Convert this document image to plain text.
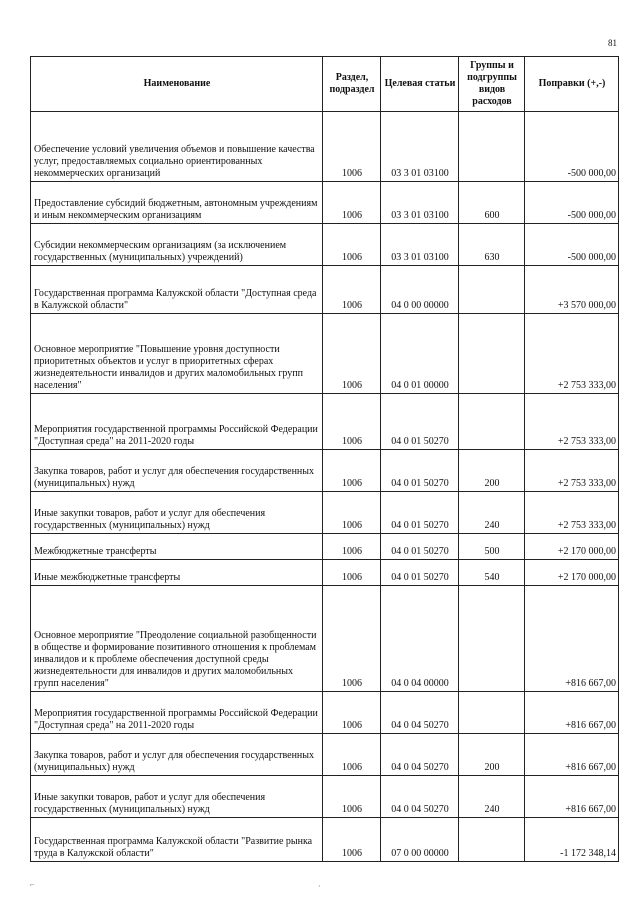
81
Наименование	Раздел, подраздел	Целевая статьи	Группы и подгруппы видов расходов	Поправки (+,-)
Обеспечение условий увеличения объемов и повышение качества услуг, предоставляемых социально ориентированных некоммерческих организаций	1006	03 3 01 03100		-500 000,00
Предоставление субсидий бюджетным, автономным учреждениям и иным некоммерческим организациям	1006	03 3 01 03100	600	-500 000,00
Субсидии некоммерческим организациям (за исключением государственных (муниципальных) учреждений)	1006	03 3 01 03100	630	-500 000,00
Государственная программа Калужской области "Доступная среда в Калужской области"	1006	04 0 00 00000		+3 570 000,00
Основное мероприятие "Повышение уровня доступности приоритетных объектов и услуг в приоритетных сферах жизнедеятельности инвалидов и других маломобильных групп населения"	1006	04 0 01 00000		+2 753 333,00
Мероприятия государственной программы Российской Федерации "Доступная среда" на 2011-2020 годы	1006	04 0 01 50270		+2 753 333,00
Закупка товаров, работ и услуг для обеспечения государственных (муниципальных) нужд	1006	04 0 01 50270	200	+2 753 333,00
Иные закупки товаров, работ и услуг для обеспечения государственных (муниципальных) нужд	1006	04 0 01 50270	240	+2 753 333,00
Межбюджетные трансферты	1006	04 0 01 50270	500	+2 170 000,00
Иные межбюджетные трансферты	1006	04 0 01 50270	540	+2 170 000,00
Основное мероприятие "Преодоление социальной разобщенности в обществе и формирование позитивного отношения к проблемам инвалидов и к проблеме обеспечения доступной среды жизнедеятельности для инвалидов и других маломобильных групп населения"	1006	04 0 04 00000		+816 667,00
Мероприятия государственной программы Российской Федерации "Доступная среда" на 2011-2020 годы	1006	04 0 04 50270		+816 667,00
Закупка товаров, работ и услуг для обеспечения государственных (муниципальных) нужд	1006	04 0 04 50270	200	+816 667,00
Иные закупки товаров, работ и услуг для обеспечения государственных (муниципальных) нужд	1006	04 0 04 50270	240	+816 667,00
Государственная программа Калужской области "Развитие рынка труда в Калужской области"	1006	07 0 00 00000		-1 172 348,14
⌐	·
